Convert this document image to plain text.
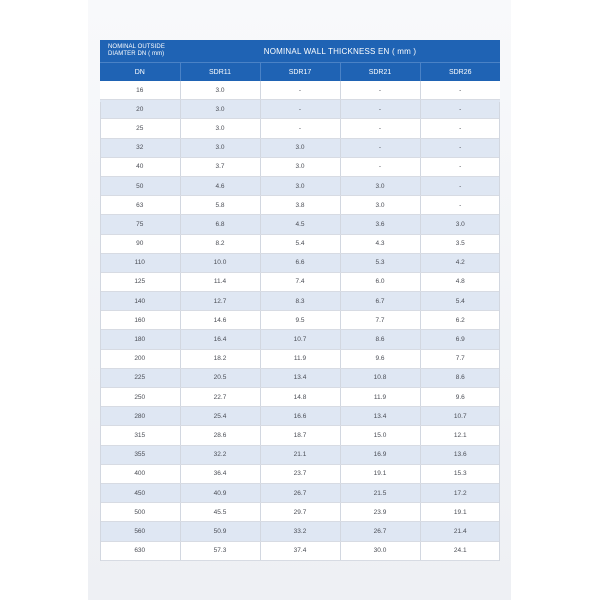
NOMINAL OUTSIDE
DIAMTER DN ( mm)	NOMINAL WALL THICKNESS EN ( mm )			
DN	SDR11	SDR17	SDR21	SDR26
16	3.0	-	-	-
20	3.0	-	-	-
25	3.0	-	-	-
32	3.0	3.0	-	-
40	3.7	3.0	-	-
50	4.6	3.0	3.0	-
63	5.8	3.8	3.0	-
75	6.8	4.5	3.6	3.0
90	8.2	5.4	4.3	3.5
110	10.0	6.6	5.3	4.2
125	11.4	7.4	6.0	4.8
140	12.7	8.3	6.7	5.4
160	14.6	9.5	7.7	6.2
180	16.4	10.7	8.6	6.9
200	18.2	11.9	9.6	7.7
225	20.5	13.4	10.8	8.6
250	22.7	14.8	11.9	9.6
280	25.4	16.6	13.4	10.7
315	28.6	18.7	15.0	12.1
355	32.2	21.1	16.9	13.6
400	36.4	23.7	19.1	15.3
450	40.9	26.7	21.5	17.2
500	45.5	29.7	23.9	19.1
560	50.9	33.2	26.7	21.4
630	57.3	37.4	30.0	24.1
